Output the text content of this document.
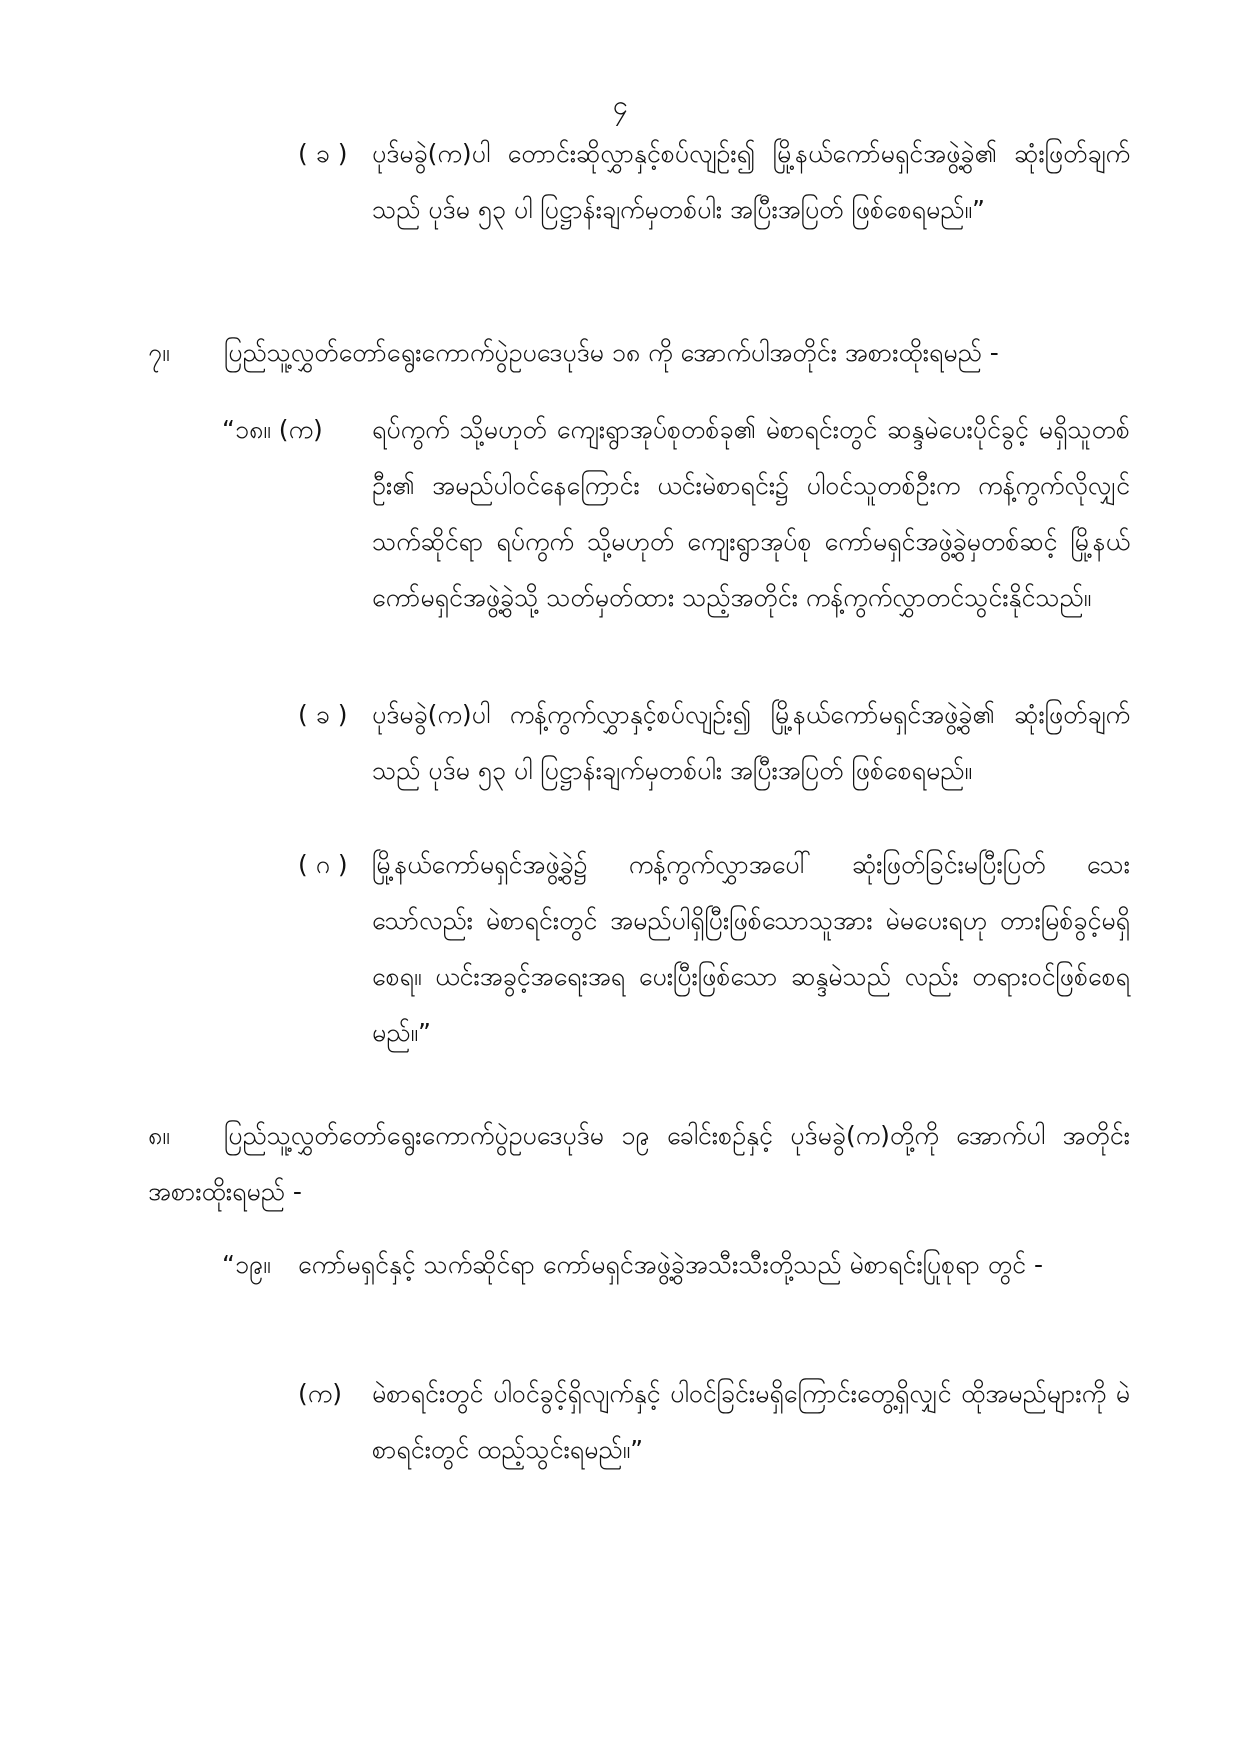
၄
( ခ ) ပုဒ်မခွဲ(က)ပါ တောင်းဆိုလွှာနှင့်စပ်လျဉ်း၍ မြို့နယ်ကော်မရှင်အဖွဲ့ခွဲ၏ ဆုံးဖြတ်ချက်သည် ပုဒ်မ ၅၃ ပါ ပြဋ္ဌာန်းချက်မှတစ်ပါး အပြီးအပြတ် ဖြစ်စေရမည်။”
၇။ ပြည်သူ့လွှတ်တော်ရွေးကောက်ပွဲဥပဒေပုဒ်မ ၁၈ ကို အောက်ပါအတိုင်း အစားထိုးရမည် -
“၁၈။ (က) ရပ်ကွက် သို့မဟုတ် ကျေးရွာအုပ်စုတစ်ခု၏ မဲစာရင်းတွင် ဆန္ဒမဲပေးပိုင်ခွင့် မရှိသူတစ်ဦး၏ အမည်ပါဝင်နေကြောင်း ယင်းမဲစာရင်း၌ ပါဝင်သူတစ်ဦးက ကန့်ကွက်လိုလျှင် သက်ဆိုင်ရာ ရပ်ကွက် သို့မဟုတ် ကျေးရွာအုပ်စု ကော်မရှင်အဖွဲ့ခွဲမှတစ်ဆင့် မြို့နယ်ကော်မရှင်အဖွဲ့ခွဲသို့ သတ်မှတ်ထား သည့်အတိုင်း ကန့်ကွက်လွှာတင်သွင်းနိုင်သည်။
( ခ ) ပုဒ်မခွဲ(က)ပါ ကန့်ကွက်လွှာနှင့်စပ်လျဉ်း၍ မြို့နယ်ကော်မရှင်အဖွဲ့ခွဲ၏ ဆုံးဖြတ်ချက်သည် ပုဒ်မ ၅၃ ပါ ပြဋ္ဌာန်းချက်မှတစ်ပါး အပြီးအပြတ် ဖြစ်စေရမည်။
( ဂ ) မြို့နယ်ကော်မရှင်အဖွဲ့ခွဲ၌ ကန့်ကွက်လွှာအပေါ် ဆုံးဖြတ်ခြင်းမပြီးပြတ် သေးသော်လည်း မဲစာရင်းတွင် အမည်ပါရှိပြီးဖြစ်သောသူအား မဲမပေးရဟု တားမြစ်ခွင့်မရှိစေရ။ ယင်းအခွင့်အရေးအရ ပေးပြီးဖြစ်သော ဆန္ဒမဲသည် လည်း တရားဝင်ဖြစ်စေရမည်။”
၈။	ပြည်သူ့လွှတ်တော်ရွေးကောက်ပွဲဥပဒေပုဒ်မ ၁၉ ခေါင်းစဉ်နှင့် ပုဒ်မခွဲ(က)တို့ကို အောက်ပါ အတိုင်း အစားထိုးရမည် -
“၁၉။	ကော်မရှင်နှင့် သက်ဆိုင်ရာ ကော်မရှင်အဖွဲ့ခွဲအသီးသီးတို့သည် မဲစာရင်းပြုစုရာ တွင် -
(က) မဲစာရင်းတွင် ပါဝင်ခွင့်ရှိလျက်နှင့် ပါဝင်ခြင်းမရှိကြောင်းတွေ့ရှိလျှင် ထိုအမည်များကို မဲစာရင်းတွင် ထည့်သွင်းရမည်။”
